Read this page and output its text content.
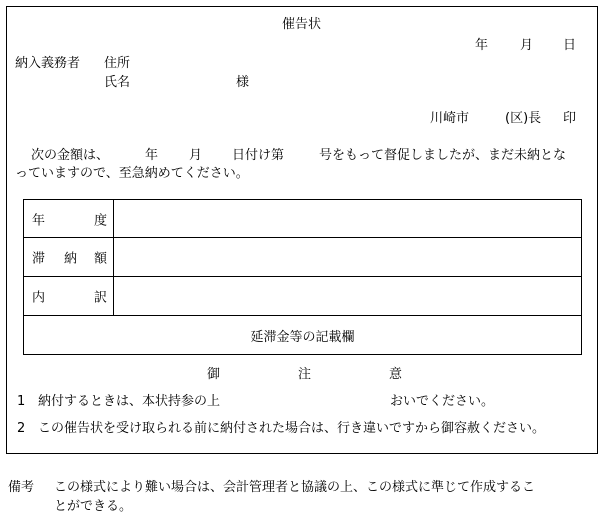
催告状
年 月 日
納入義務者 住所
氏名	様
川崎市	(区)長 印
次の金額は、	年 月 日付け第	号をもって督促しましたが、まだ未納とな
っていますので、至急納めてください。
年 度	

滞 納 額	

内 訳	

延滞金等の記載欄	
御	注	意
1 納付するときは、本状持参の上	おいでください。
2 この催告状を受け取られる前に納付された場合は、行き違いですから御容赦ください。
備考 この様式により難い場合は、会計管理者と協議の上、この様式に準じて作成するこ
とができる。
